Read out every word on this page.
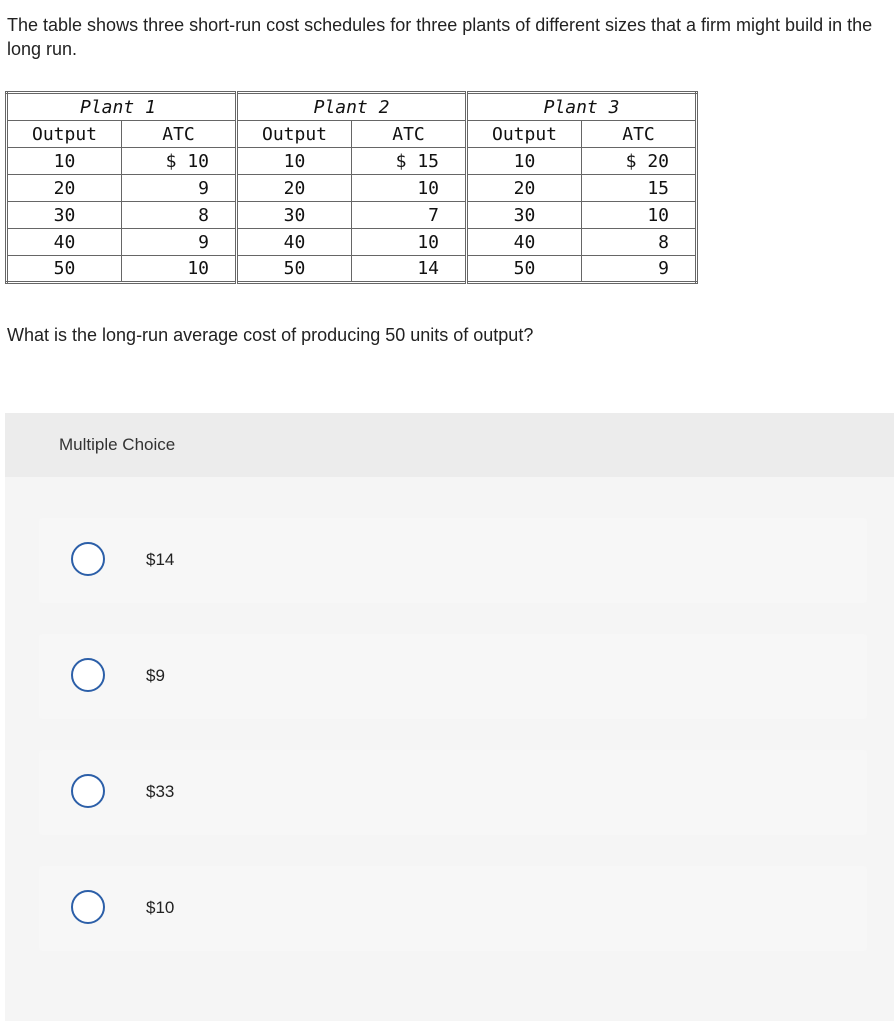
The table shows three short-run cost schedules for three plants of different sizes that a firm might build in the long run.
Plant 1		Plant 2		Plant 3	
Output	ATC	Output	ATC	Output	ATC
10	$ 10	10	$ 15	10	$ 20
20	9	20	10	20	15
30	8	30	7	30	10
40	9	40	10	40	8
50	10	50	14	50	9
What is the long-run average cost of producing 50 units of output?
Multiple Choice
$14
$9
$33
$10
